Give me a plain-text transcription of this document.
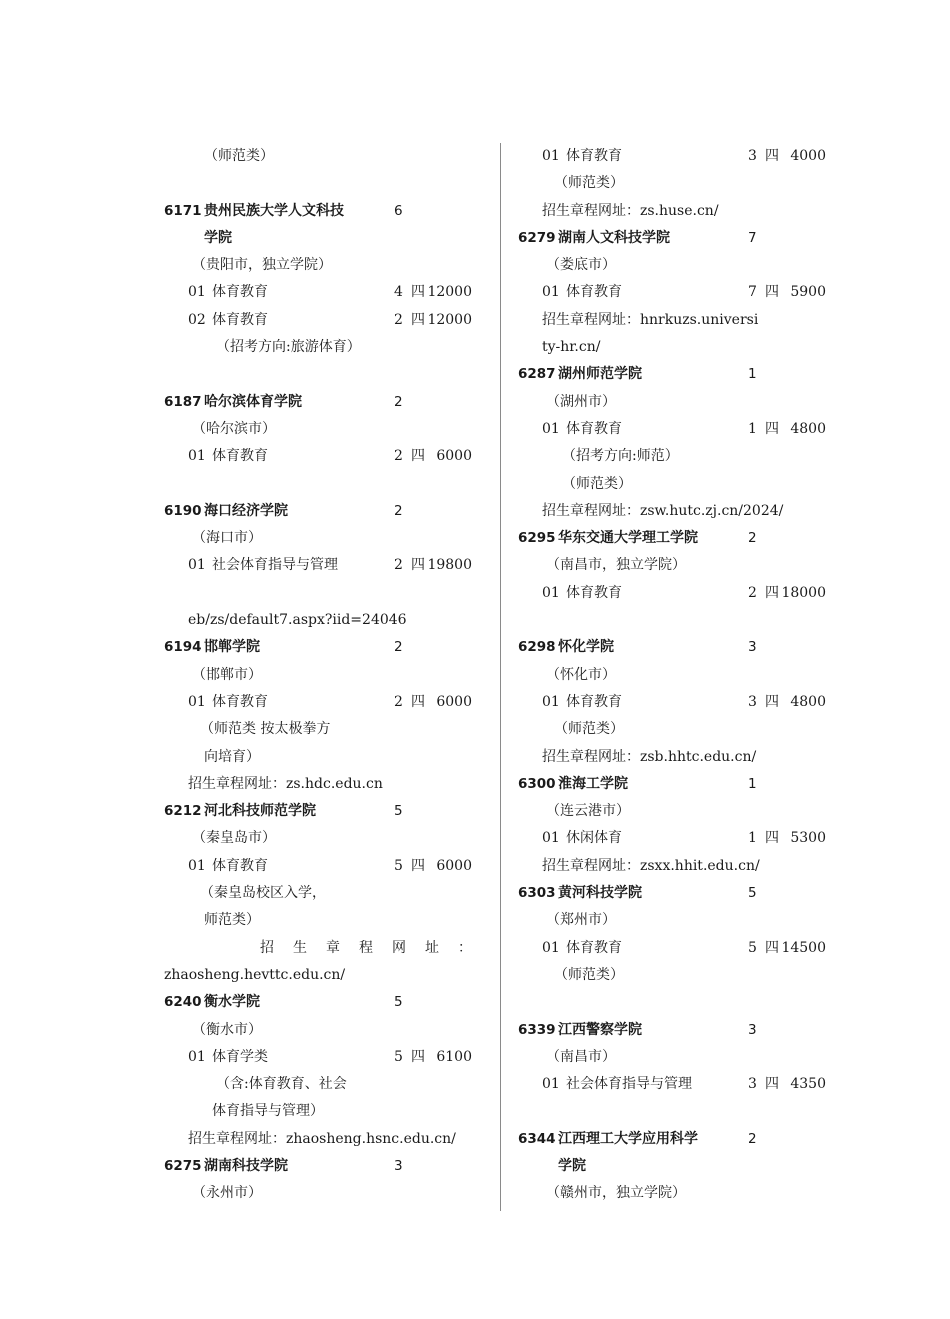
（师范类）
6171 贵州民族大学人文科技	6
学院
（贵阳市，独立学院）
01 体育教育	4 四 12000
02 体育教育	2 四 12000
（招考方向:旅游体育）
6187 哈尔滨体育学院	2
（哈尔滨市）
01 体育教育	2 四 6000
6190 海口经济学院	2
（海口市）
01 社会体育指导与管理	2 四 19800
eb/zs/default7.aspx?iid=24046
6194 邯郸学院	2
（邯郸市）
01 体育教育	2 四 6000
（师范类 按太极拳方
向培育）
招生章程网址：zs.hdc.edu.cn
6212 河北科技师范学院	5
（秦皇岛市）
01 体育教育	5 四 6000
（秦皇岛校区入学，
师范类）
招 生 章 程 网 址 ：
zhaosheng.hevttc.edu.cn/
6240 衡水学院	5
（衡水市）
01 体育学类	5 四 6100
（含:体育教育、社会
体育指导与管理）
招生章程网址：zhaosheng.hsnc.edu.cn/
6275 湖南科技学院	3
（永州市）
01 体育教育	3 四 4000
（师范类）
招生章程网址：zs.huse.cn/
6279 湖南人文科技学院	7
（娄底市）
01 体育教育	7 四 5900
招生章程网址：hnrkuzs.universi
ty-hr.cn/
6287 湖州师范学院	1
（湖州市）
01 体育教育	1 四 4800
（招考方向:师范）
（师范类）
招生章程网址：zsw.hutc.zj.cn/2024/
6295 华东交通大学理工学院	2
（南昌市，独立学院）
01 体育教育	2 四 18000
6298 怀化学院	3
（怀化市）
01 体育教育	3 四 4800
（师范类）
招生章程网址：zsb.hhtc.edu.cn/
6300 淮海工学院	1
（连云港市）
01 休闲体育	1 四 5300
招生章程网址：zsxx.hhit.edu.cn/
6303 黄河科技学院	5
（郑州市）
01 体育教育	5 四 14500
（师范类）
6339 江西警察学院	3
（南昌市）
01 社会体育指导与管理	3 四 4350
6344 江西理工大学应用科学	2
学院
（赣州市，独立学院）
